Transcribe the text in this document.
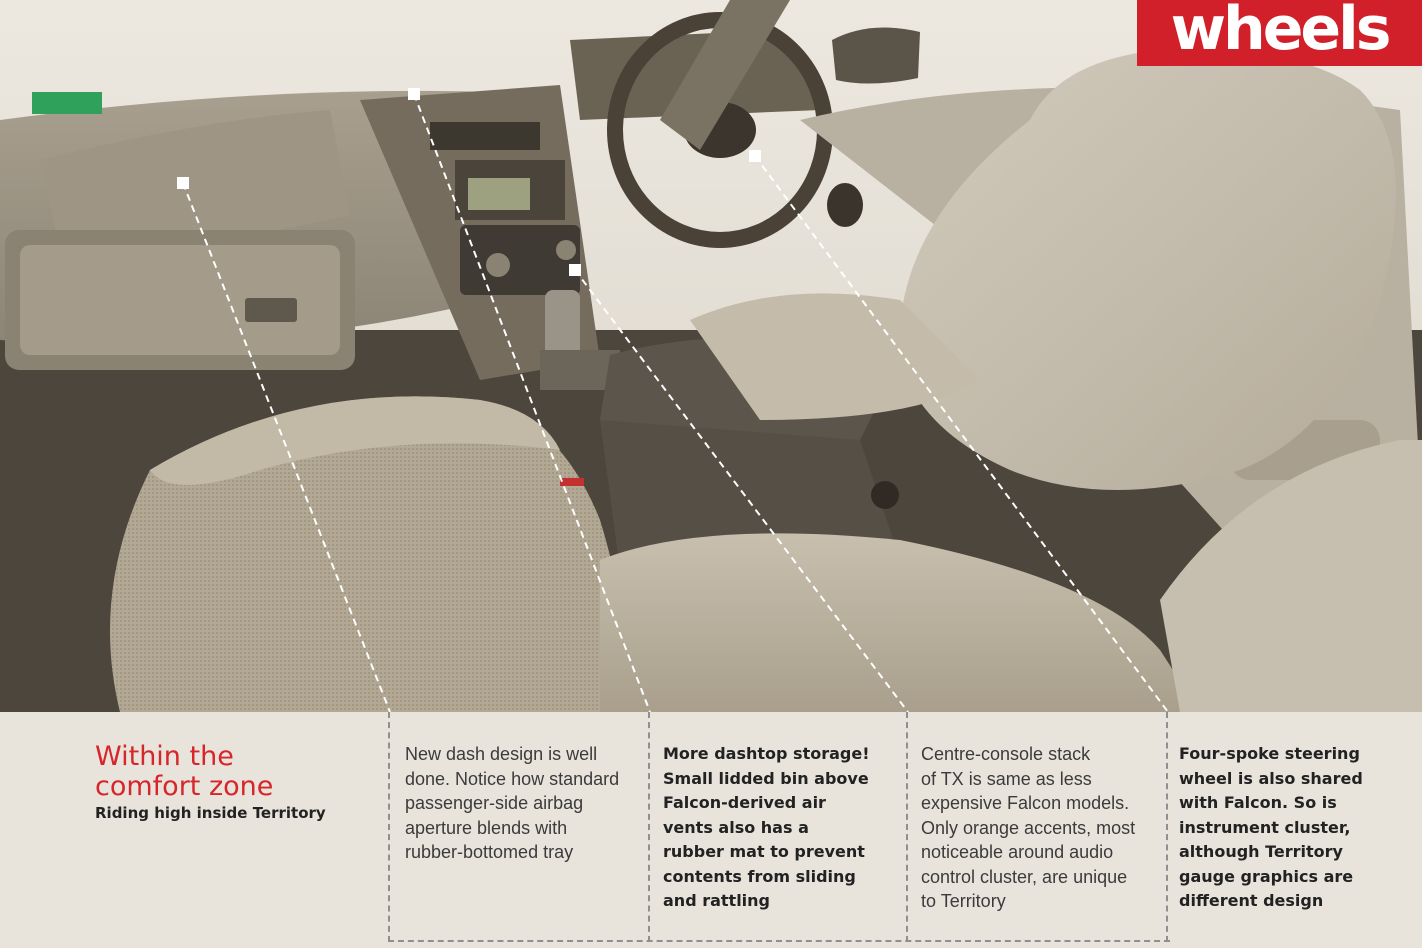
wheels

Within the

comfort zone

Riding high inside Territory
New dash design is well
done. Notice how standard
passenger-side airbag
aperture blends with
rubber-bottomed tray
More dashtop storage!
Small lidded bin above
Falcon-derived air
vents also has a
rubber mat to prevent
contents from sliding
and rattling
Centre-console stack
of TX is same as less
expensive Falcon models.
Only orange accents, most
noticeable around audio
control cluster, are unique
to Territory
Four-spoke steering
wheel is also shared
with Falcon. So is
instrument cluster,
although Territory
gauge graphics are
different design
